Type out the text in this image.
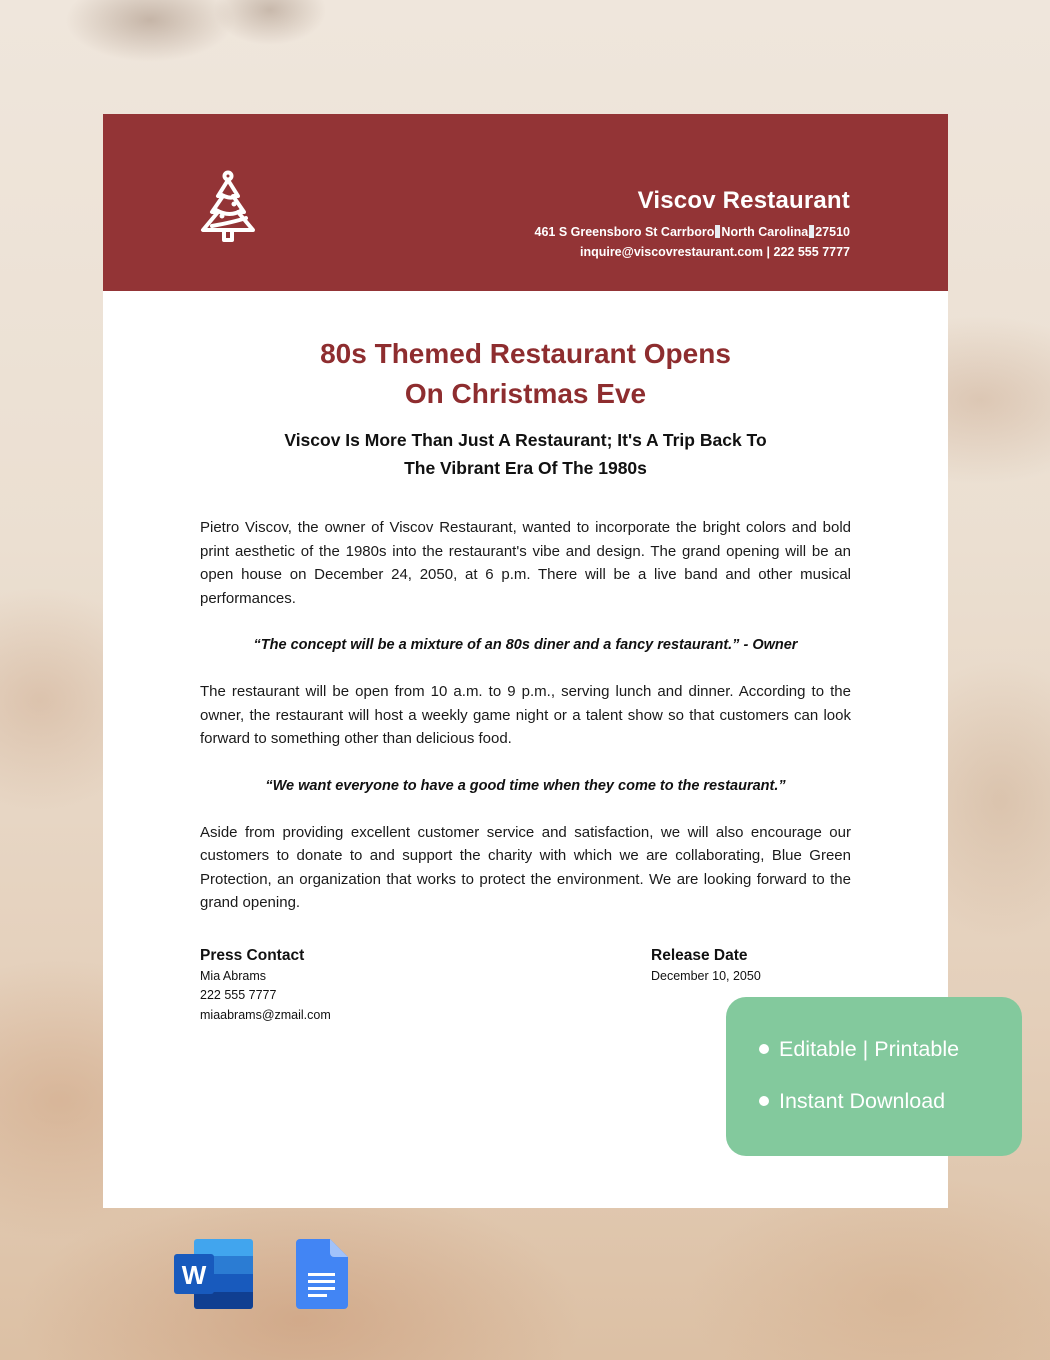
Viscov Restaurant
461 S Greensboro St Carrboro North Carolina 27510
inquire@viscovrestaurant.com | 222 555 7777
80s Themed Restaurant Opens
On Christmas Eve
Viscov Is More Than Just A Restaurant; It's A Trip Back To
The Vibrant Era Of The 1980s

Pietro Viscov, the owner of Viscov Restaurant, wanted to incorporate the bright colors and bold print aesthetic of the 1980s into the restaurant's vibe and design. The grand opening will be an open house on December 24, 2050, at 6 p.m. There will be a live band and other musical performances.

“The concept will be a mixture of an 80s diner and a fancy restaurant.” - Owner

The restaurant will be open from 10 a.m. to 9 p.m., serving lunch and dinner. According to the owner, the restaurant will host a weekly game night or a talent show so that customers can look forward to something other than delicious food.

“We want everyone to have a good time when they come to the restaurant.”

Aside from providing excellent customer service and satisfaction, we will also encourage our customers to donate to and support the charity with which we are collaborating, Blue Green Protection, an organization that works to protect the environment. We are looking forward to the grand opening.

Press Contact
Mia Abrams
222 555 7777
miaabrams@zmail.com
Release Date
December 10, 2050
Editable | Printable
Instant Download
W
